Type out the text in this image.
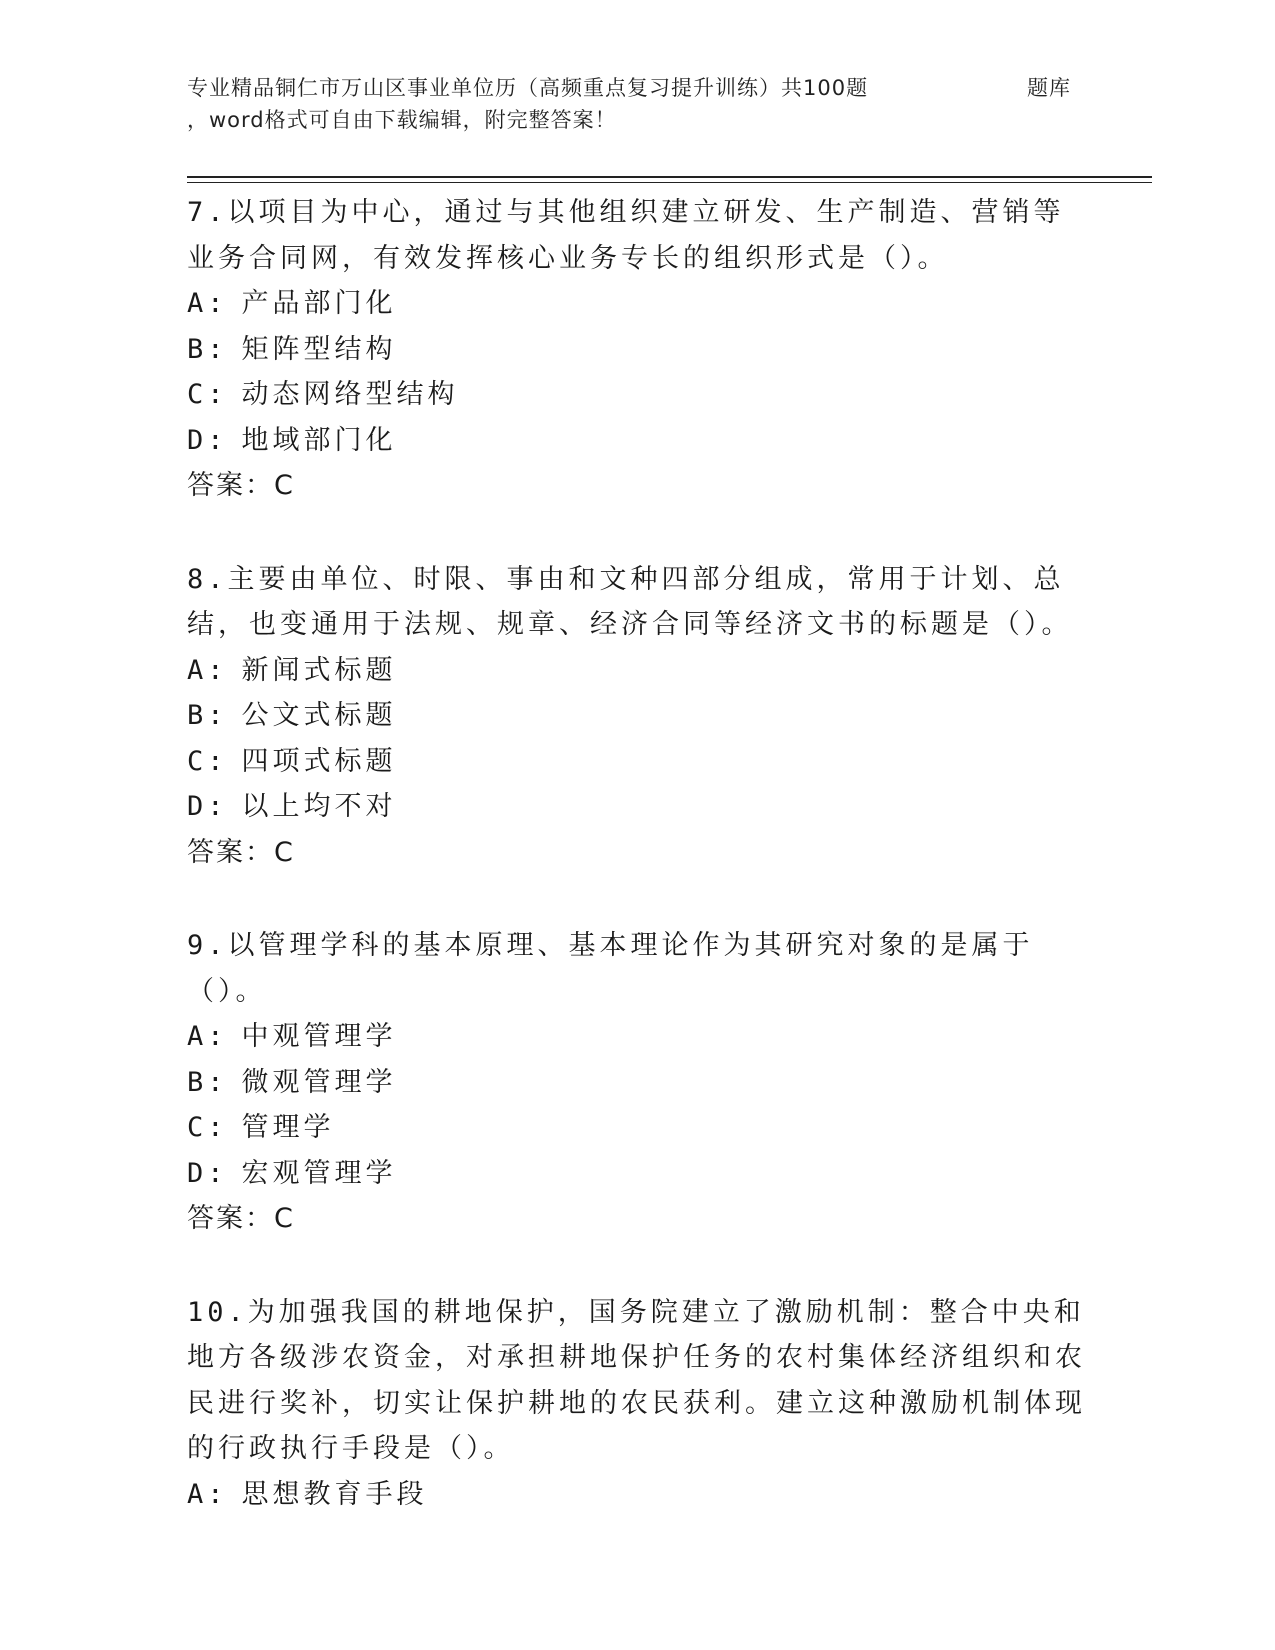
专业精品铜仁市万山区事业单位历（高频重点复习提升训练）共100题	题库
，word格式可自由下载编辑，附完整答案！

7.以项目为中心，通过与其他组织建立研发、生产制造、营销等业务合同网，有效发挥核心业务专长的组织形式是（）。

A: 产品部门化

B: 矩阵型结构

C: 动态网络型结构

D: 地域部门化

答案：C

8.主要由单位、时限、事由和文种四部分组成，常用于计划、总结，也变通用于法规、规章、经济合同等经济文书的标题是（）。

A: 新闻式标题

B: 公文式标题

C: 四项式标题

D: 以上均不对

答案：C

9.以管理学科的基本原理、基本理论作为其研究对象的是属于（）。

A: 中观管理学

B: 微观管理学

C: 管理学

D: 宏观管理学

答案：C

10.为加强我国的耕地保护，国务院建立了激励机制：整合中央和地方各级涉农资金，对承担耕地保护任务的农村集体经济组织和农民进行奖补，切实让保护耕地的农民获利。建立这种激励机制体现的行政执行手段是（）。

A: 思想教育手段
